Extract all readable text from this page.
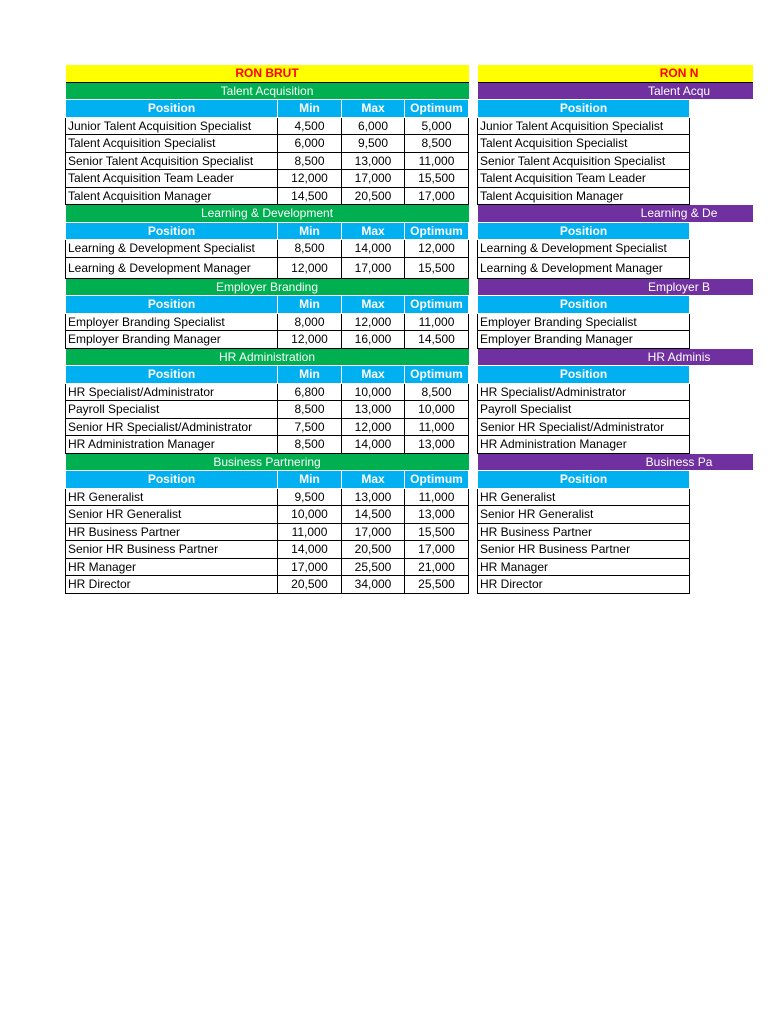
RON BRUT			
Talent Acquisition			
Position	Min	Max	Optimum
Junior Talent Acquisition Specialist	4,500	6,000	5,000
Talent Acquisition Specialist	6,000	9,500	8,500
Senior Talent Acquisition Specialist	8,500	13,000	11,000
Talent Acquisition Team Leader	12,000	17,000	15,500
Talent Acquisition Manager	14,500	20,500	17,000
Learning & Development			
Position	Min	Max	Optimum
Learning & Development Specialist	8,500	14,000	12,000
Learning & Development Manager	12,000	17,000	15,500
Employer Branding			
Position	Min	Max	Optimum
Employer Branding Specialist	8,000	12,000	11,000
Employer Branding Manager	12,000	16,000	14,500
HR Administration			
Position	Min	Max	Optimum
HR Specialist/Administrator	6,800	10,000	8,500
Payroll Specialist	8,500	13,000	10,000
Senior HR Specialist/Administrator	7,500	12,000	11,000
HR Administration Manager	8,500	14,000	13,000
Business Partnering			
Position	Min	Max	Optimum
HR Generalist	9,500	13,000	11,000
Senior HR Generalist	10,000	14,500	13,000
HR Business Partner	11,000	17,000	15,500
Senior HR Business Partner	14,000	20,500	17,000
HR Manager	17,000	25,500	21,000
HR Director	20,500	34,000	25,500
RON N	
Talent Acqu	
Position	
Junior Talent Acquisition Specialist	
Talent Acquisition Specialist	
Senior Talent Acquisition Specialist	
Talent Acquisition Team Leader	
Talent Acquisition Manager	
Learning & De	
Position	
Learning & Development Specialist	
Learning & Development Manager	
Employer B	
Position	
Employer Branding Specialist	
Employer Branding Manager	
HR Adminis	
Position	
HR Specialist/Administrator	
Payroll Specialist	
Senior HR Specialist/Administrator	
HR Administration Manager	
Business Pa	
Position	
HR Generalist	
Senior HR Generalist	
HR Business Partner	
Senior HR Business Partner	
HR Manager	
HR Director	
